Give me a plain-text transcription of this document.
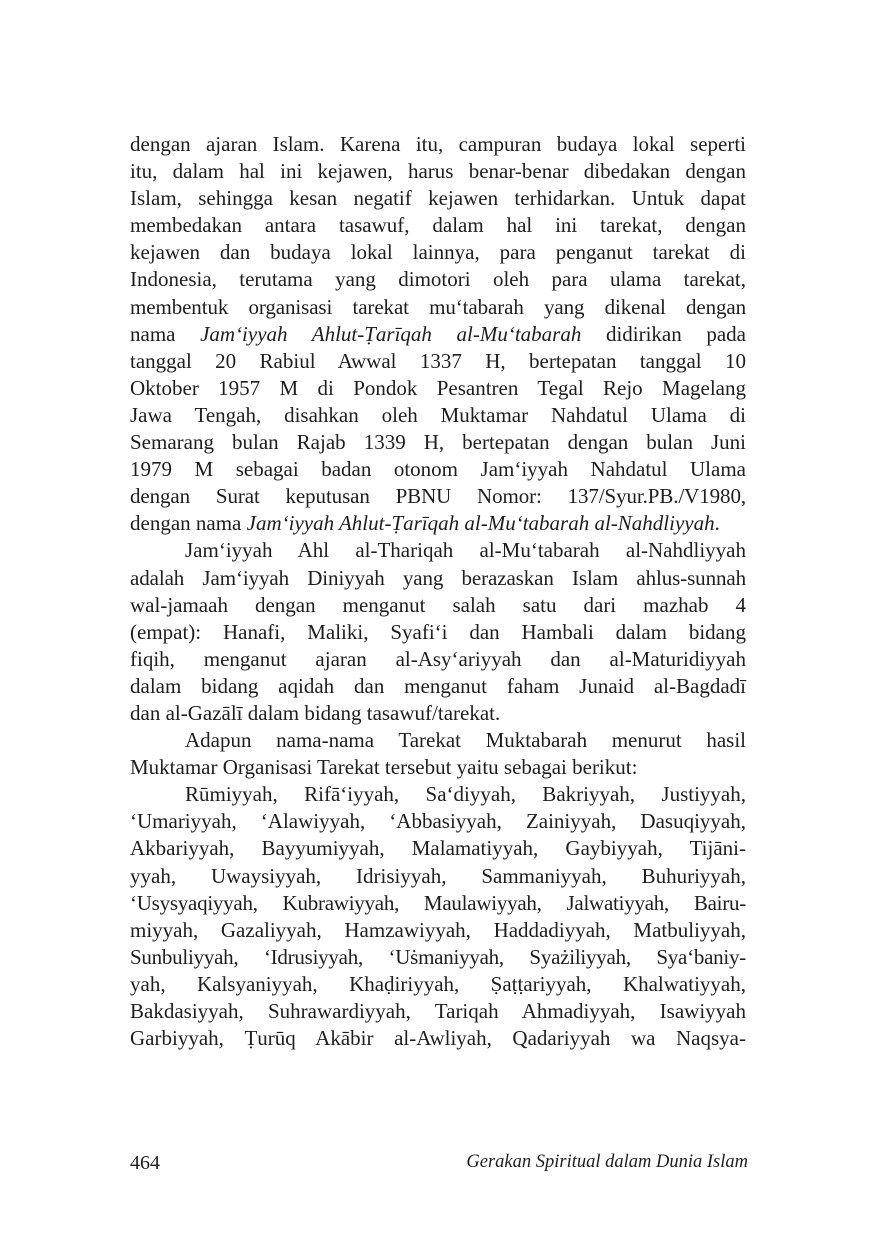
dengan ajaran Islam. Karena itu, campuran budaya lokal seperti
itu, dalam hal ini kejawen, harus benar-benar dibedakan dengan
Islam, sehingga kesan negatif kejawen terhidarkan. Untuk dapat
membedakan antara tasawuf, dalam hal ini tarekat, dengan
kejawen dan budaya lokal lainnya, para penganut tarekat di
Indonesia, terutama yang dimotori oleh para ulama tarekat,
membentuk organisasi tarekat mu‘tabarah yang dikenal dengan
nama Jam‘iyyah Ahlut-Ṭarīqah al-Mu‘tabarah didirikan pada
tanggal 20 Rabiul Awwal 1337 H, bertepatan tanggal 10
Oktober 1957 M di Pondok Pesantren Tegal Rejo Magelang
Jawa Tengah, disahkan oleh Muktamar Nahdatul Ulama di
Semarang bulan Rajab 1339 H, bertepatan dengan bulan Juni
1979 M sebagai badan otonom Jam‘iyyah Nahdatul Ulama
dengan Surat keputusan PBNU Nomor: 137/Syur.PB./V1980,
dengan nama Jam‘iyyah Ahlut-Ṭarīqah al-Mu‘tabarah al-Nahdliyyah.
Jam‘iyyah Ahl al-Thariqah al-Mu‘tabarah al-Nahdliyyah
adalah Jam‘iyyah Diniyyah yang berazaskan Islam ahlus-sunnah
wal-jamaah dengan menganut salah satu dari mazhab 4
(empat): Hanafi, Maliki, Syafi‘i dan Hambali dalam bidang
fiqih, menganut ajaran al-Asy‘ariyyah dan al-Maturidiyyah
dalam bidang aqidah dan menganut faham Junaid al-Bagdadī
dan al-Gazālī dalam bidang tasawuf/tarekat.
Adapun nama-nama Tarekat Muktabarah menurut hasil
Muktamar Organisasi Tarekat tersebut yaitu sebagai berikut:
Rūmiyyah, Rifā‘iyyah, Sa‘diyyah, Bakriyyah, Justiyyah,
‘Umariyyah, ‘Alawiyyah, ‘Abbasiyyah, Zainiyyah, Dasuqiyyah,
Akbariyyah, Bayyumiyyah, Malamatiyyah, Gaybiyyah, Tijāni-
yyah, Uwaysiyyah, Idrisiyyah, Sammaniyyah, Buhuriyyah,
‘Usysyaqiyyah, Kubrawiyyah, Maulawiyyah, Jalwatiyyah, Bairu-
miyyah, Gazaliyyah, Hamzawiyyah, Haddadiyyah, Matbuliyyah,
Sunbuliyyah, ‘Idrusiyyah, ‘Uṡmaniyyah, Syażiliyyah, Sya‘baniy-
yah, Kalsyaniyyah, Khaḍiriyyah, Ṣaṭṭariyyah, Khalwatiyyah,
Bakdasiyyah, Suhrawardiyyah, Tariqah Ahmadiyyah, Isawiyyah
Garbiyyah, Ṭurūq Akābir al-Awliyah, Qadariyyah wa Naqsya-
464	Gerakan Spiritual dalam Dunia Islam
